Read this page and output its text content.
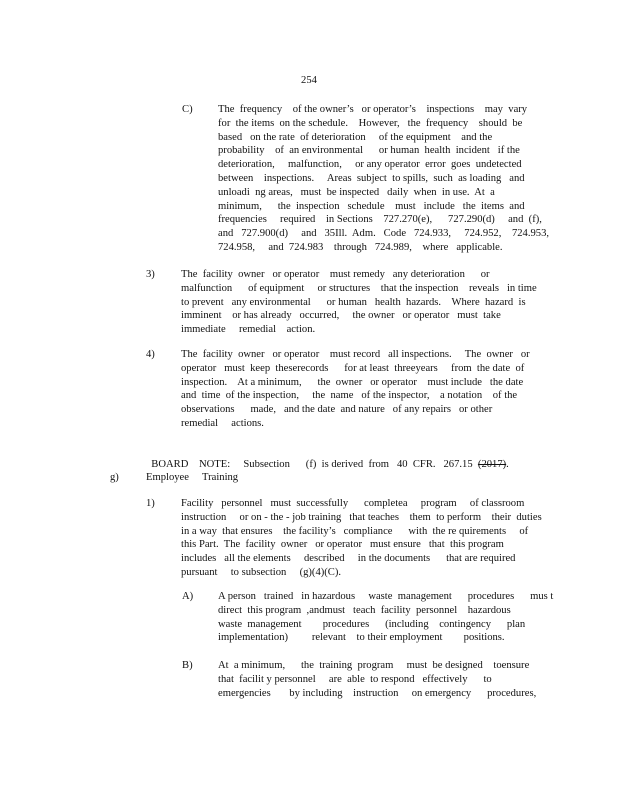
254
C) The  frequency    of the owner’s   or operator’s    inspections    may  vary
for  the items  on the schedule.    However,   the  frequency    should  be
based   on the rate  of deterioration     of the equipment    and the
probability    of  an environmental      or human  health  incident   if the
deterioration,     malfunction,     or any operator  error  goes  undetected
between    inspections.     Areas  subject  to spills,  such  as loading   and
unloadi  ng areas,   must  be inspected   daily  when  in use.  At  a
minimum,      the  inspection   schedule    must   include   the  items  and
frequencies     required    in Sections    727.270(e),      727.290(d)     and  (f),
and   727.900(d)     and   35Ill.  Adm.   Code   724.933,     724.952,    724.953,
724.958,     and  724.983    through   724.989,    where   applicable.
3) The  facility  owner   or operator    must remedy   any deterioration      or
malfunction      of equipment     or structures    that the inspection    reveals   in time
to prevent   any environmental      or human   health  hazards.    Where  hazard  is
imminent    or has already   occurred,     the owner   or operator   must  take
immediate     remedial    action.
4) The  facility  owner   or operator    must record   all inspections.     The  owner   or
operator   must  keep  theserecords      for at least  threeyears     from  the date  of
inspection.    At a minimum,      the  owner   or operator    must include   the date
and  time  of the inspection,     the  name   of the inspector,    a notation    of the
observations      made,   and the date  and nature   of any repairs   or other
remedial     actions.

BOARD    NOTE:     Subsection      (f)  is derived  from   40  CFR.   267.15  (2017).

g)	Employee     Training
1) Facility   personnel   must  successfully      completea     program     of classroom
instruction     or on - the - job training   that teaches    them  to perform    their  duties
in a way  that ensures    the facility’s   compliance      with  the re quirements     of
this Part.  The  facility  owner   or operator   must ensure   that  this program
includes   all the elements     described     in the documents      that are required
pursuant     to subsection     (g)(4)(C).
A) A person   trained   in hazardous     waste  management      procedures      mus t
direct  this program  ,andmust   teach  facility  personnel    hazardous
waste  management        procedures      (including    contingency      plan
implementation)         relevant    to their employment        positions.
B) At  a minimum,      the  training  program     must  be designed    toensure
that  facilit y personnel     are  able  to respond   effectively      to
emergencies       by including    instruction     on emergency      procedures,
